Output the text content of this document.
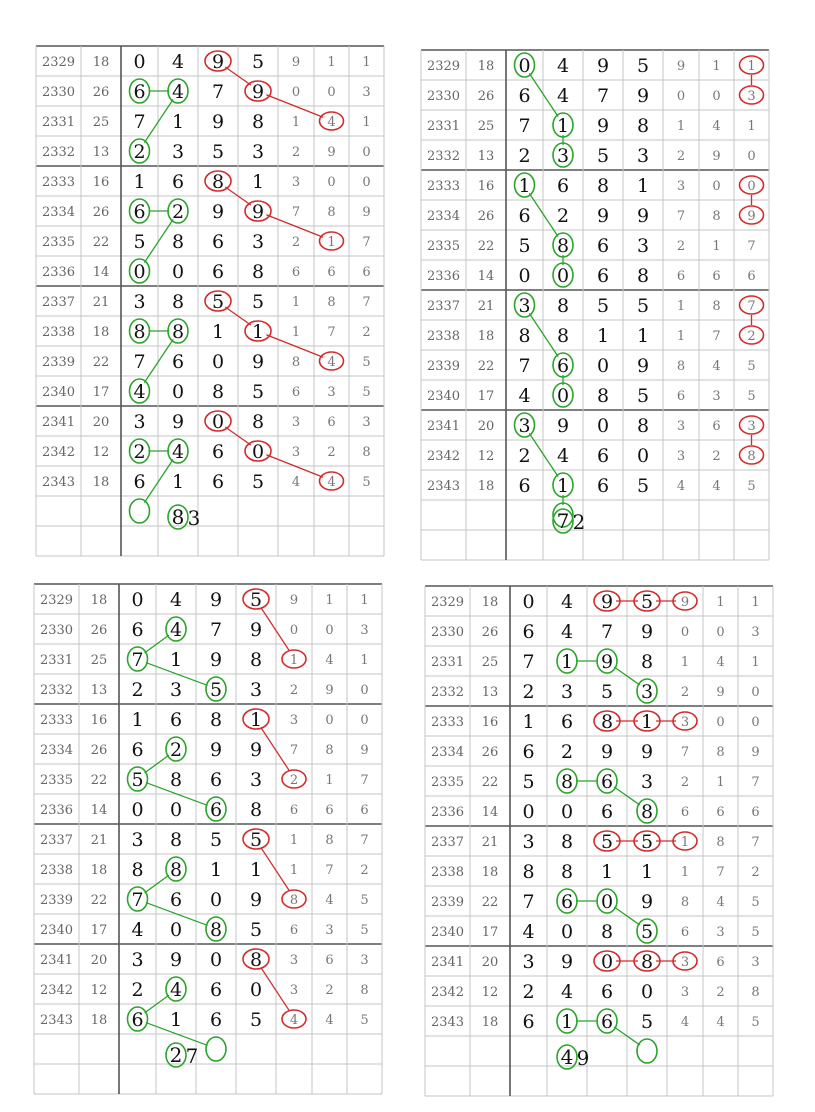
2329 18 0 4 9 5 9 1 1
2330 26 6 4 7 9 0 0 3
2331 25 7 1 9 8 1 4 1
2332 13 2 3 5 3 2 9 0
2333 16 1 6 8 1 3 0 0
2334 26 6 2 9 9 7 8 9
2335 22 5 8 6 3 2 1 7
2336 14 0 0 6 8 6 6 6
2337 21 3 8 5 5 1 8 7
2338 18 8 8 1 1 1 7 2
2339 22 7 6 0 9 8 4 5
2340 17 4 0 8 5 6 3 5
2341 20 3 9 0 8 3 6 3
2342 12 2 4 6 0 3 2 8
2343 18 6 1 6 5 4 4 5
8 3
2329 18 0 4 9 5 9 1 1
2330 26 6 4 7 9 0 0 3
2331 25 7 1 9 8 1 4 1
2332 13 2 3 5 3 2 9 0
2333 16 1 6 8 1 3 0 0
2334 26 6 2 9 9 7 8 9
2335 22 5 8 6 3 2 1 7
2336 14 0 0 6 8 6 6 6
2337 21 3 8 5 5 1 8 7
2338 18 8 8 1 1 1 7 2
2339 22 7 6 0 9 8 4 5
2340 17 4 0 8 5 6 3 5
2341 20 3 9 0 8 3 6 3
2342 12 2 4 6 0 3 2 8
2343 18 6 1 6 5 4 4 5
7 2
2329 18 0 4 9 5 9 1 1
2330 26 6 4 7 9 0 0 3
2331 25 7 1 9 8 1 4 1
2332 13 2 3 5 3 2 9 0
2333 16 1 6 8 1 3 0 0
2334 26 6 2 9 9 7 8 9
2335 22 5 8 6 3 2 1 7
2336 14 0 0 6 8 6 6 6
2337 21 3 8 5 5 1 8 7
2338 18 8 8 1 1 1 7 2
2339 22 7 6 0 9 8 4 5
2340 17 4 0 8 5 6 3 5
2341 20 3 9 0 8 3 6 3
2342 12 2 4 6 0 3 2 8
2343 18 6 1 6 5 4 4 5
2 7
2329 18 0 4 9 5 9 1 1
2330 26 6 4 7 9 0 0 3
2331 25 7 1 9 8 1 4 1
2332 13 2 3 5 3 2 9 0
2333 16 1 6 8 1 3 0 0
2334 26 6 2 9 9 7 8 9
2335 22 5 8 6 3 2 1 7
2336 14 0 0 6 8 6 6 6
2337 21 3 8 5 5 1 8 7
2338 18 8 8 1 1 1 7 2
2339 22 7 6 0 9 8 4 5
2340 17 4 0 8 5 6 3 5
2341 20 3 9 0 8 3 6 3
2342 12 2 4 6 0 3 2 8
2343 18 6 1 6 5 4 4 5
4 9
